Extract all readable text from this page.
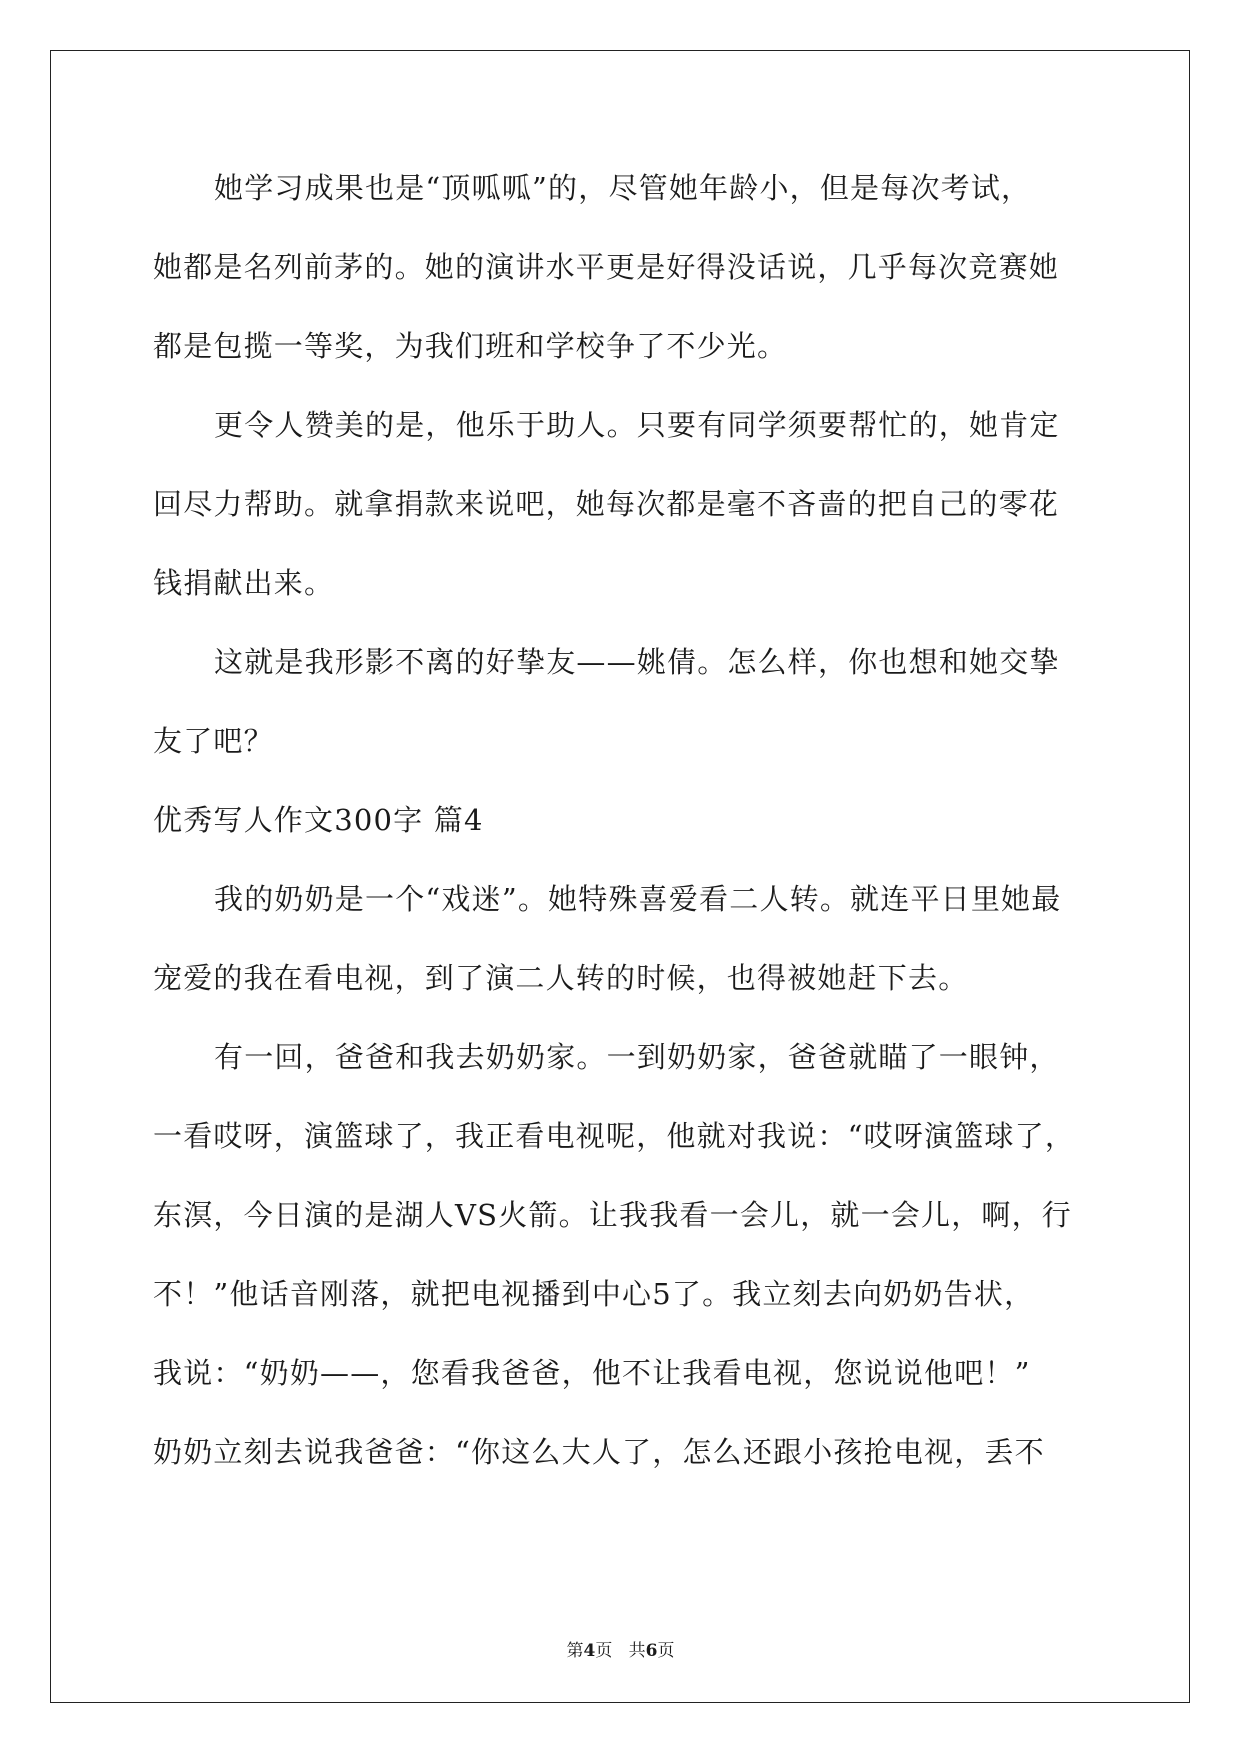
她学习成果也是“顶呱呱”的，尽管她年龄小，但是每次考试，
她都是名列前茅的。她的演讲水平更是好得没话说，几乎每次竞赛她
都是包揽一等奖，为我们班和学校争了不少光。
更令人赞美的是，他乐于助人。只要有同学须要帮忙的，她肯定
回尽力帮助。就拿捐款来说吧，她每次都是毫不吝啬的把自己的零花
钱捐献出来。
这就是我形影不离的好挚友——姚倩。怎么样，你也想和她交挚
友了吧？
优秀写人作文300字 篇4
我的奶奶是一个“戏迷”。她特殊喜爱看二人转。就连平日里她最
宠爱的我在看电视，到了演二人转的时候，也得被她赶下去。
有一回，爸爸和我去奶奶家。一到奶奶家，爸爸就瞄了一眼钟，
一看哎呀，演篮球了，我正看电视呢，他就对我说：“哎呀演篮球了，
东溟，今日演的是湖人VS火箭。让我我看一会儿，就一会儿，啊，行
不！”他话音刚落，就把电视播到中心5了。我立刻去向奶奶告状，
我说：“奶奶——，您看我爸爸，他不让我看电视，您说说他吧！”
奶奶立刻去说我爸爸：“你这么大人了，怎么还跟小孩抢电视，丢不
第4页 共6页
